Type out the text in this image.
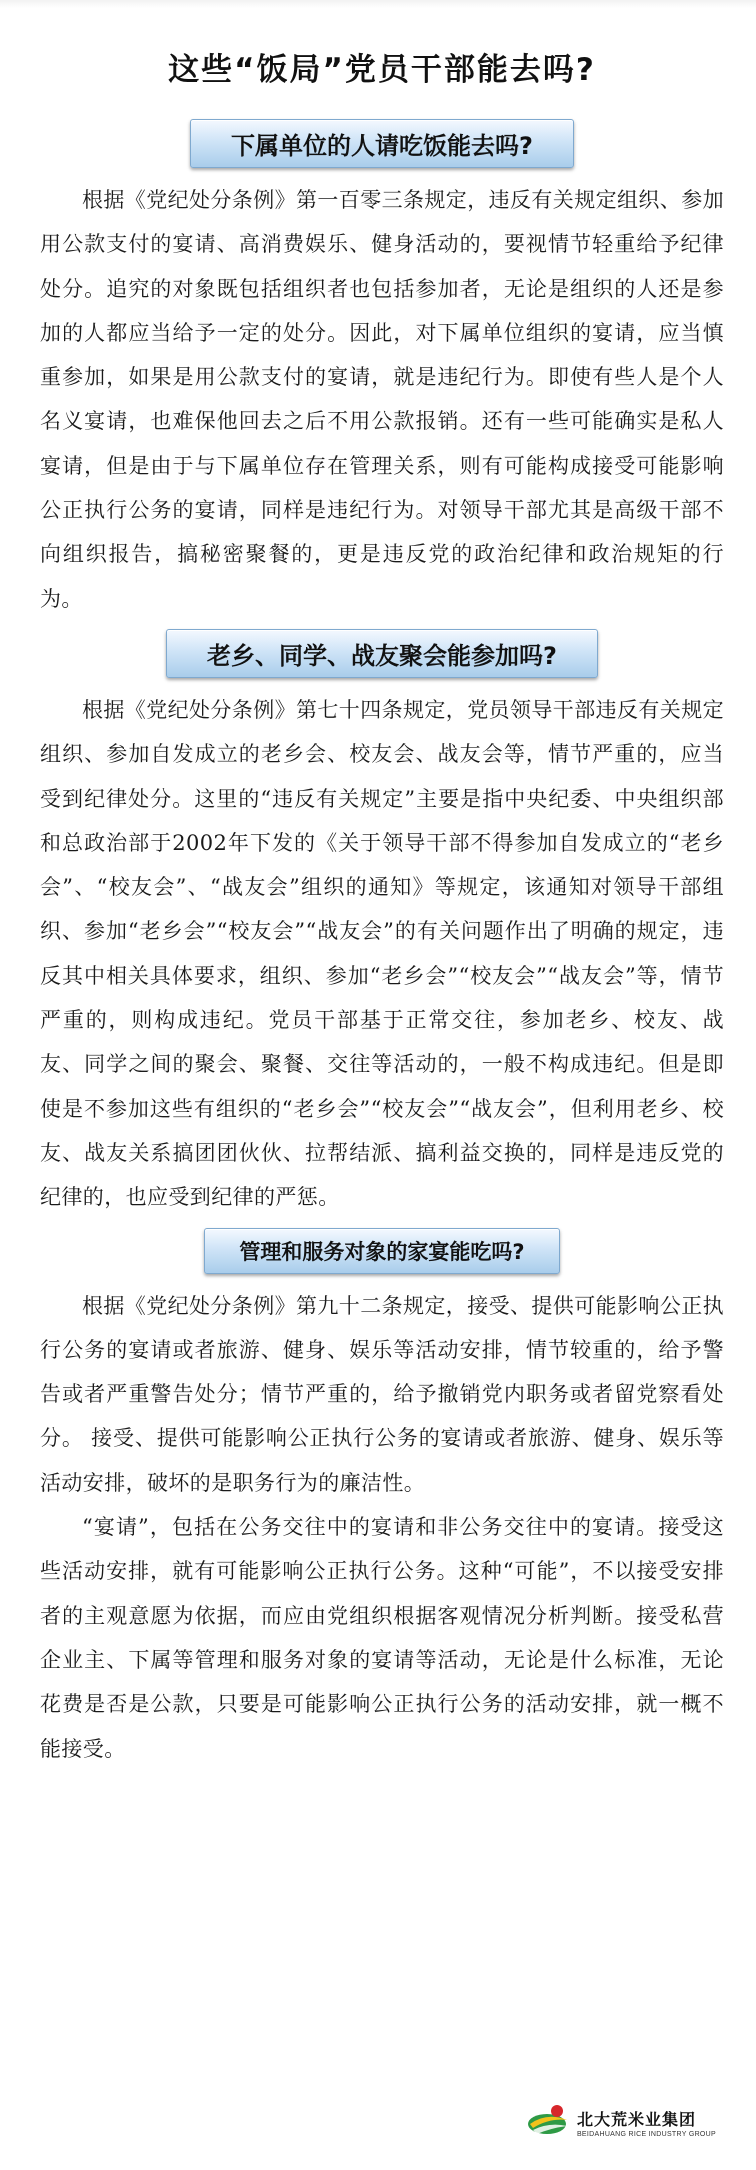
这些“饭局”党员干部能去吗?
下属单位的人请吃饭能去吗?

根据《党纪处分条例》第一百零三条规定，违反有关规定组织、参加用公款支付的宴请、高消费娱乐、健身活动的，要视情节轻重给予纪律处分。追究的对象既包括组织者也包括参加者，无论是组织的人还是参加的人都应当给予一定的处分。因此，对下属单位组织的宴请，应当慎重参加，如果是用公款支付的宴请，就是违纪行为。即使有些人是个人名义宴请，也难保他回去之后不用公款报销。还有一些可能确实是私人宴请，但是由于与下属单位存在管理关系，则有可能构成接受可能影响公正执行公务的宴请，同样是违纪行为。对领导干部尤其是高级干部不向组织报告，搞秘密聚餐的，更是违反党的政治纪律和政治规矩的行为。

老乡、同学、战友聚会能参加吗?

根据《党纪处分条例》第七十四条规定，党员领导干部违反有关规定组织、参加自发成立的老乡会、校友会、战友会等，情节严重的，应当受到纪律处分。这里的“违反有关规定”主要是指中央纪委、中央组织部和总政治部于2002年下发的《关于领导干部不得参加自发成立的“老乡会”、“校友会”、“战友会”组织的通知》等规定，该通知对领导干部组织、参加“老乡会”“校友会”“战友会”的有关问题作出了明确的规定，违反其中相关具体要求，组织、参加“老乡会”“校友会”“战友会”等，情节严重的，则构成违纪。党员干部基于正常交往，参加老乡、校友、战友、同学之间的聚会、聚餐、交往等活动的，一般不构成违纪。但是即使是不参加这些有组织的“老乡会”“校友会”“战友会”，但利用老乡、校友、战友关系搞团团伙伙、拉帮结派、搞利益交换的，同样是违反党的纪律的，也应受到纪律的严惩。

管理和服务对象的家宴能吃吗?

根据《党纪处分条例》第九十二条规定，接受、提供可能影响公正执行公务的宴请或者旅游、健身、娱乐等活动安排，情节较重的，给予警告或者严重警告处分；情节严重的，给予撤销党内职务或者留党察看处分。 接受、提供可能影响公正执行公务的宴请或者旅游、健身、娱乐等活动安排，破坏的是职务行为的廉洁性。

“宴请”，包括在公务交往中的宴请和非公务交往中的宴请。接受这些活动安排，就有可能影响公正执行公务。这种“可能”，不以接受安排者的主观意愿为依据，而应由党组织根据客观情况分析判断。接受私营企业主、下属等管理和服务对象的宴请等活动，无论是什么标准，无论花费是否是公款，只要是可能影响公正执行公务的活动安排，就一概不能接受。

北大荒米业集团
BEIDAHUANG RICE INDUSTRY GROUP
